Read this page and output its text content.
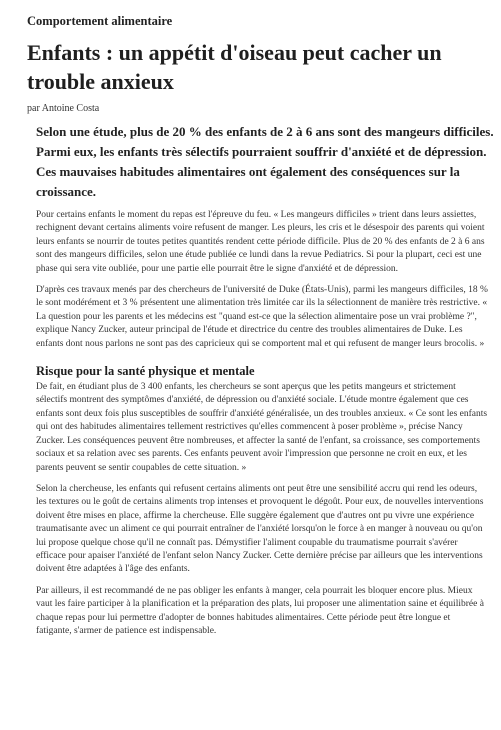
Comportement alimentaire
Enfants : un appétit d'oiseau peut cacher un trouble anxieux
par Antoine Costa

Selon une étude, plus de 20 % des enfants de 2 à 6 ans sont des mangeurs difficiles. Parmi eux, les enfants très sélectifs pourraient souffrir d'anxiété et de dépression. Ces mauvaises habitudes alimentaires ont également des conséquences sur la croissance.

Pour certains enfants le moment du repas est l'épreuve du feu. « Les mangeurs difficiles » trient dans leurs assiettes, rechignent devant certains aliments voire refusent de manger. Les pleurs, les cris et le désespoir des parents qui voient leurs enfants se nourrir de toutes petites quantités rendent cette période difficile. Plus de 20 % des enfants de 2 à 6 ans sont des mangeurs difficiles, selon une étude publiée ce lundi dans la revue Pediatrics. Si pour la plupart, ceci est une phase qui sera vite oubliée, pour une partie elle pourrait être le signe d'anxiété et de dépression.

D'après ces travaux menés par des chercheurs de l'université de Duke (États-Unis), parmi les mangeurs difficiles, 18 % le sont modérément et 3 % présentent une alimentation très limitée car ils la sélectionnent de manière très restrictive. « La question pour les parents et les médecins est "quand est-ce que la sélection alimentaire pose un vrai problème ?", explique Nancy Zucker, auteur principal de l'étude et directrice du centre des troubles alimentaires de Duke. Les enfants dont nous parlons ne sont pas des capricieux qui se comportent mal et qui refusent de manger leurs brocolis. »

Risque pour la santé physique et mentale

De fait, en étudiant plus de 3 400 enfants, les chercheurs se sont aperçus que les petits mangeurs et strictement sélectifs montrent des symptômes d'anxiété, de dépression ou d'anxiété sociale. L'étude montre également que ces enfants sont deux fois plus susceptibles de souffrir d'anxiété généralisée, un des troubles anxieux. « Ce sont les enfants qui ont des habitudes alimentaires tellement restrictives qu'elles commencent à poser problème », précise Nancy Zucker. Les conséquences peuvent être nombreuses, et affecter la santé de l'enfant, sa croissance, ses comportements sociaux et sa relation avec ses parents. Ces enfants peuvent avoir l'impression que personne ne croit en eux, et les parents peuvent se sentir coupables de cette situation. »

Selon la chercheuse, les enfants qui refusent certains aliments ont peut être une sensibilité accru qui rend les odeurs, les textures ou le goût de certains aliments trop intenses et provoquent le dégoût. Pour eux, de nouvelles interventions doivent être mises en place, affirme la chercheuse. Elle suggère également que d'autres ont pu vivre une expérience traumatisante avec un aliment ce qui pourrait entraîner de l'anxiété lorsqu'on le force à en manger à nouveau ou qu'on lui propose quelque chose qu'il ne connaît pas. Démystifier l'aliment coupable du traumatisme pourrait s'avérer efficace pour apaiser l'anxiété de l'enfant selon Nancy Zucker. Cette dernière précise par ailleurs que les interventions doivent être adaptées à l'âge des enfants.

Par ailleurs, il est recommandé de ne pas obliger les enfants à manger, cela pourrait les bloquer encore plus. Mieux vaut les faire participer à la planification et la préparation des plats, lui proposer une alimentation saine et équilibrée à chaque repas pour lui permettre d'adopter de bonnes habitudes alimentaires. Cette période peut être longue et fatigante, s'armer de patience est indispensable.
